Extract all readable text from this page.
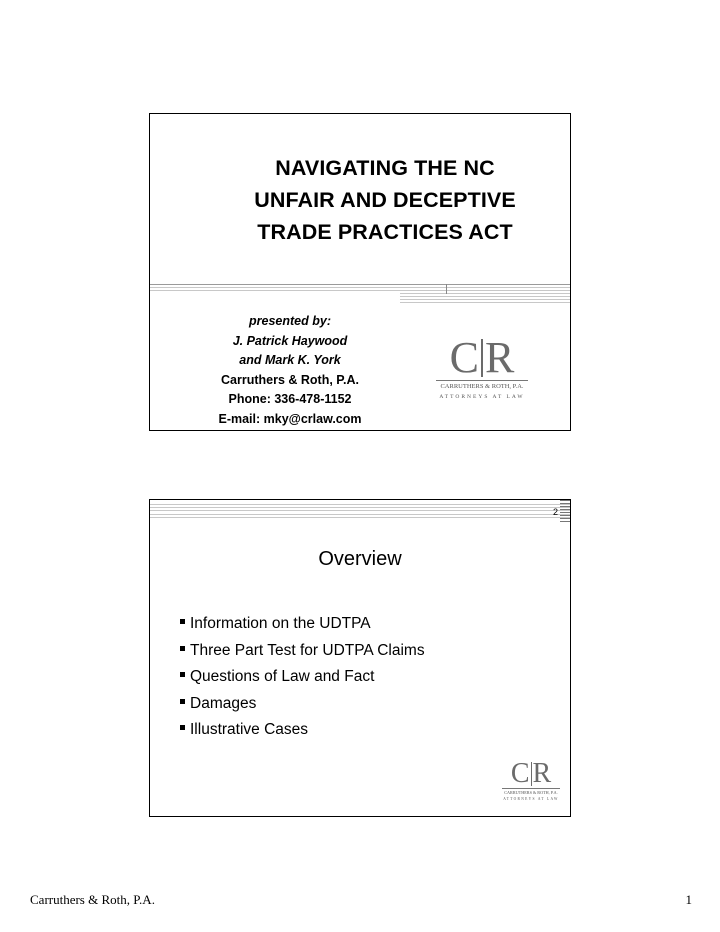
NAVIGATING THE NC
UNFAIR AND DECEPTIVE
TRADE PRACTICES ACT
presented by:
J. Patrick Haywood
and Mark K. York
Carruthers & Roth, P.A.
Phone: 336-478-1152
E-mail: mky@crlaw.com
C R
CARRUTHERS & ROTH, P.A.
ATTORNEYS AT LAW
2
Overview
Information on the UDTPA
Three Part Test for UDTPA Claims
Questions of Law and Fact
Damages
Illustrative Cases
C R
CARRUTHERS & ROTH, P.A.
ATTORNEYS AT LAW
Carruthers & Roth, P.A.	1
